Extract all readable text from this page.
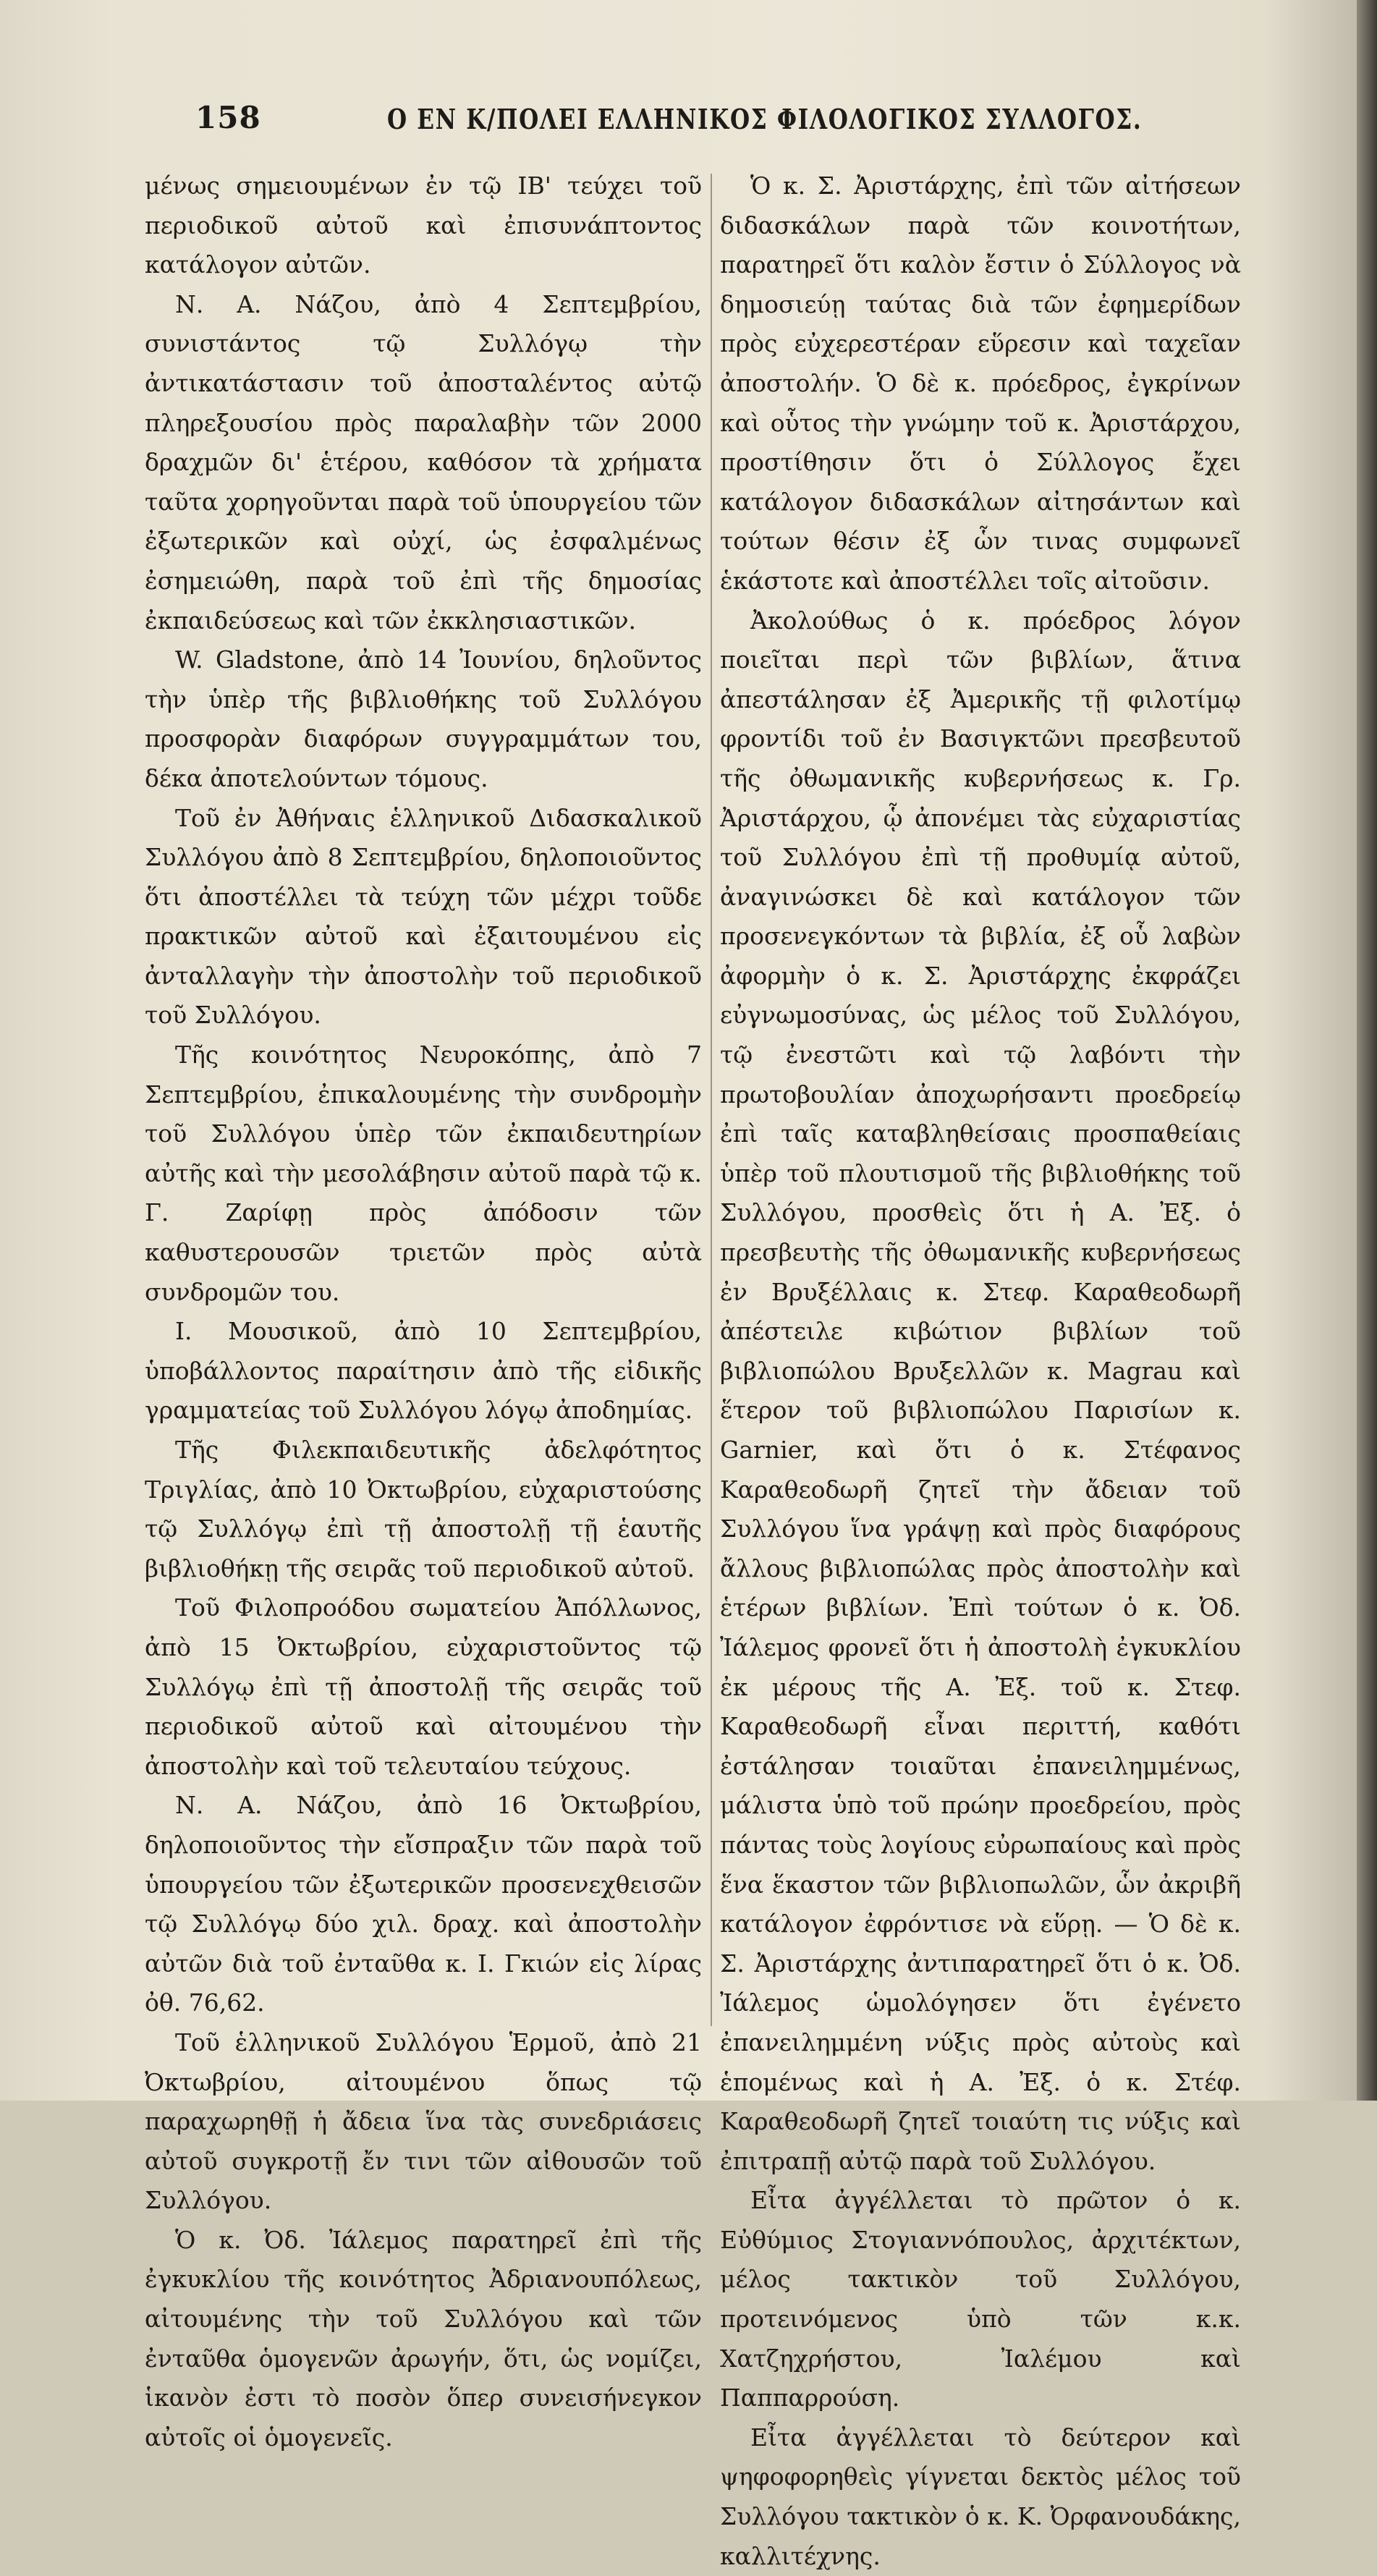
158	Ο ΕΝ Κ/ΠΟΛΕΙ ΕΛΛΗΝΙΚΟΣ ΦΙΛΟΛΟΓΙΚΟΣ ΣΥΛΛΟΓΟΣ.

μένως σημειουμένων ἐν τῷ ΙΒ' τεύχει τοῦ περιοδικοῦ αὐτοῦ καὶ ἐπισυνάπτοντος κατάλογον αὐτῶν.

Ν. Α. Νάζου, ἀπὸ 4 Σεπτεμβρίου, συνιστάντος τῷ Συλλόγῳ τὴν ἀντικατάστασιν τοῦ ἀποσταλέντος αὐτῷ πληρεξουσίου πρὸς παραλαβὴν τῶν 2000 δραχμῶν δι' ἑτέρου, καθόσον τὰ χρήματα ταῦτα χορηγοῦνται παρὰ τοῦ ὑπουργείου τῶν ἐξωτερικῶν καὶ οὐχί, ὡς ἐσφαλμένως ἐσημειώθη, παρὰ τοῦ ἐπὶ τῆς δημοσίας ἐκπαιδεύσεως καὶ τῶν ἐκκλησιαστικῶν.

W. Gladstone, ἀπὸ 14 Ἰουνίου, δηλοῦντος τὴν ὑπὲρ τῆς βιβλιοθήκης τοῦ Συλλόγου προσφορὰν διαφόρων συγγραμμάτων του, δέκα ἀποτελούντων τόμους.

Τοῦ ἐν Ἀθήναις ἑλληνικοῦ Διδασκαλικοῦ Συλλόγου ἀπὸ 8 Σεπτεμβρίου, δηλοποιοῦντος ὅτι ἀποστέλλει τὰ τεύχη τῶν μέχρι τοῦδε πρακτικῶν αὐτοῦ καὶ ἐξαιτουμένου εἰς ἀνταλλαγὴν τὴν ἀποστολὴν τοῦ περιοδικοῦ τοῦ Συλλόγου.

Τῆς κοινότητος Νευροκόπης, ἀπὸ 7 Σεπτεμβρίου, ἐπικαλουμένης τὴν συνδρομὴν τοῦ Συλλόγου ὑπὲρ τῶν ἐκπαιδευτηρίων αὐτῆς καὶ τὴν μεσολάβησιν αὐτοῦ παρὰ τῷ κ. Γ. Ζαρίφῃ πρὸς ἀπόδοσιν τῶν καθυστερουσῶν τριετῶν πρὸς αὐτὰ συνδρομῶν του.

Ι. Μουσικοῦ, ἀπὸ 10 Σεπτεμβρίου, ὑποβάλλοντος παραίτησιν ἀπὸ τῆς εἰδικῆς γραμματείας τοῦ Συλλόγου λόγῳ ἀποδημίας.

Τῆς Φιλεκπαιδευτικῆς ἀδελφότητος Τριγλίας, ἀπὸ 10 Ὀκτωβρίου, εὐχαριστούσης τῷ Συλλόγῳ ἐπὶ τῇ ἀποστολῇ τῇ ἑαυτῆς βιβλιοθήκῃ τῆς σειρᾶς τοῦ περιοδικοῦ αὐτοῦ.

Τοῦ Φιλοπροόδου σωματείου Ἀπόλλωνος, ἀπὸ 15 Ὀκτωβρίου, εὐχαριστοῦντος τῷ Συλλόγῳ ἐπὶ τῇ ἀποστολῇ τῆς σειρᾶς τοῦ περιοδικοῦ αὐτοῦ καὶ αἰτουμένου τὴν ἀποστολὴν καὶ τοῦ τελευταίου τεύχους.

Ν. Α. Νάζου, ἀπὸ 16 Ὀκτωβρίου, δηλοποιοῦντος τὴν εἴσπραξιν τῶν παρὰ τοῦ ὑπουργείου τῶν ἐξωτερικῶν προσενεχθεισῶν τῷ Συλλόγῳ δύο χιλ. δραχ. καὶ ἀποστολὴν αὐτῶν διὰ τοῦ ἐνταῦθα κ. Ι. Γκιών εἰς λίρας ὀθ. 76,62.

Τοῦ ἑλληνικοῦ Συλλόγου Ἑρμοῦ, ἀπὸ 21 Ὀκτωβρίου, αἰτουμένου ὅπως τῷ παραχωρηθῇ ἡ ἄδεια ἵνα τὰς συνεδριάσεις αὐτοῦ συγκροτῇ ἔν τινι τῶν αἰθουσῶν τοῦ Συλλόγου.

Ὁ κ. Ὀδ. Ἰάλεμος παρατηρεῖ ἐπὶ τῆς ἐγκυκλίου τῆς κοινότητος Ἀδριανουπόλεως, αἰτουμένης τὴν τοῦ Συλλόγου καὶ τῶν ἐνταῦθα ὁμογενῶν ἀρωγήν, ὅτι, ὡς νομίζει, ἱκανὸν ἐστι τὸ ποσὸν ὅπερ συνεισήνεγκον αὐτοῖς οἱ ὁμογενεῖς.

Ὁ κ. Σ. Ἀριστάρχης, ἐπὶ τῶν αἰτήσεων διδασκάλων παρὰ τῶν κοινοτήτων, παρατηρεῖ ὅτι καλὸν ἔστιν ὁ Σύλλογος νὰ δημοσιεύῃ ταύτας διὰ τῶν ἐφημερίδων πρὸς εὐχερεστέραν εὕρεσιν καὶ ταχεῖαν ἀποστολήν. Ὁ δὲ κ. πρόεδρος, ἐγκρίνων καὶ οὗτος τὴν γνώμην τοῦ κ. Ἀριστάρχου, προστίθησιν ὅτι ὁ Σύλλογος ἔχει κατάλογον διδασκάλων αἰτησάντων καὶ τούτων θέσιν ἐξ ὧν τινας συμφωνεῖ ἑκάστοτε καὶ ἀποστέλλει τοῖς αἰτοῦσιν.

Ἀκολούθως ὁ κ. πρόεδρος λόγον ποιεῖται περὶ τῶν βιβλίων, ἅτινα ἀπεστάλησαν ἐξ Ἀμερικῆς τῇ φιλοτίμῳ φροντίδι τοῦ ἐν Βασιγκτῶνι πρεσβευτοῦ τῆς ὀθωμανικῆς κυβερνήσεως κ. Γρ. Ἀριστάρχου, ᾧ ἀπονέμει τὰς εὐχαριστίας τοῦ Συλλόγου ἐπὶ τῇ προθυμίᾳ αὐτοῦ, ἀναγινώσκει δὲ καὶ κατάλογον τῶν προσενεγκόντων τὰ βιβλία, ἐξ οὗ λαβὼν ἀφορμὴν ὁ κ. Σ. Ἀριστάρχης ἐκφράζει εὐγνωμοσύνας, ὡς μέλος τοῦ Συλλόγου, τῷ ἐνεστῶτι καὶ τῷ λαβόντι τὴν πρωτοβουλίαν ἀποχωρήσαντι προεδρείῳ ἐπὶ ταῖς καταβληθείσαις προσπαθείαις ὑπὲρ τοῦ πλουτισμοῦ τῆς βιβλιοθήκης τοῦ Συλλόγου, προσθεὶς ὅτι ἡ Α. Ἐξ. ὁ πρεσβευτὴς τῆς ὀθωμανικῆς κυβερνήσεως ἐν Βρυξέλλαις κ. Στεφ. Καραθεοδωρῆ ἀπέστειλε κιβώτιον βιβλίων τοῦ βιβλιοπώλου Βρυξελλῶν κ. Magrau καὶ ἕτερον τοῦ βιβλιοπώλου Παρισίων κ. Garnier, καὶ ὅτι ὁ κ. Στέφανος Καραθεοδωρῆ ζητεῖ τὴν ἄδειαν τοῦ Συλλόγου ἵνα γράψῃ καὶ πρὸς διαφόρους ἄλλους βιβλιοπώλας πρὸς ἀποστολὴν καὶ ἑτέρων βιβλίων. Ἐπὶ τούτων ὁ κ. Ὀδ. Ἰάλεμος φρονεῖ ὅτι ἡ ἀποστολὴ ἐγκυκλίου ἐκ μέρους τῆς Α. Ἐξ. τοῦ κ. Στεφ. Καραθεοδωρῆ εἶναι περιττή, καθότι ἐστάλησαν τοιαῦται ἐπανειλημμένως, μάλιστα ὑπὸ τοῦ πρώην προεδρείου, πρὸς πάντας τοὺς λογίους εὐρωπαίους καὶ πρὸς ἕνα ἕκαστον τῶν βιβλιοπωλῶν, ὧν ἀκριβῆ κατάλογον ἐφρόντισε νὰ εὕρῃ. — Ὁ δὲ κ. Σ. Ἀριστάρχης ἀντιπαρατηρεῖ ὅτι ὁ κ. Ὀδ. Ἰάλεμος ὡμολόγησεν ὅτι ἐγένετο ἐπανειλημμένη νύξις πρὸς αὐτοὺς καὶ ἑπομένως καὶ ἡ Α. Ἐξ. ὁ κ. Στέφ. Καραθεοδωρῆ ζητεῖ τοιαύτη τις νύξις καὶ ἐπιτραπῇ αὐτῷ παρὰ τοῦ Συλλόγου.

Εἶτα ἀγγέλλεται τὸ πρῶτον ὁ κ. Εὐθύμιος Στογιαννόπουλος, ἀρχιτέκτων, μέλος τακτικὸν τοῦ Συλλόγου, προτεινόμενος ὑπὸ τῶν κ.κ. Χατζηχρήστου, Ἰαλέμου καὶ Παππαρρούση.

Εἶτα ἀγγέλλεται τὸ δεύτερον καὶ ψηφοφορηθεὶς γίγνεται δεκτὸς μέλος τοῦ Συλλόγου τακτικὸν ὁ κ. Κ. Ὀρφανουδάκης, καλλιτέχνης.
